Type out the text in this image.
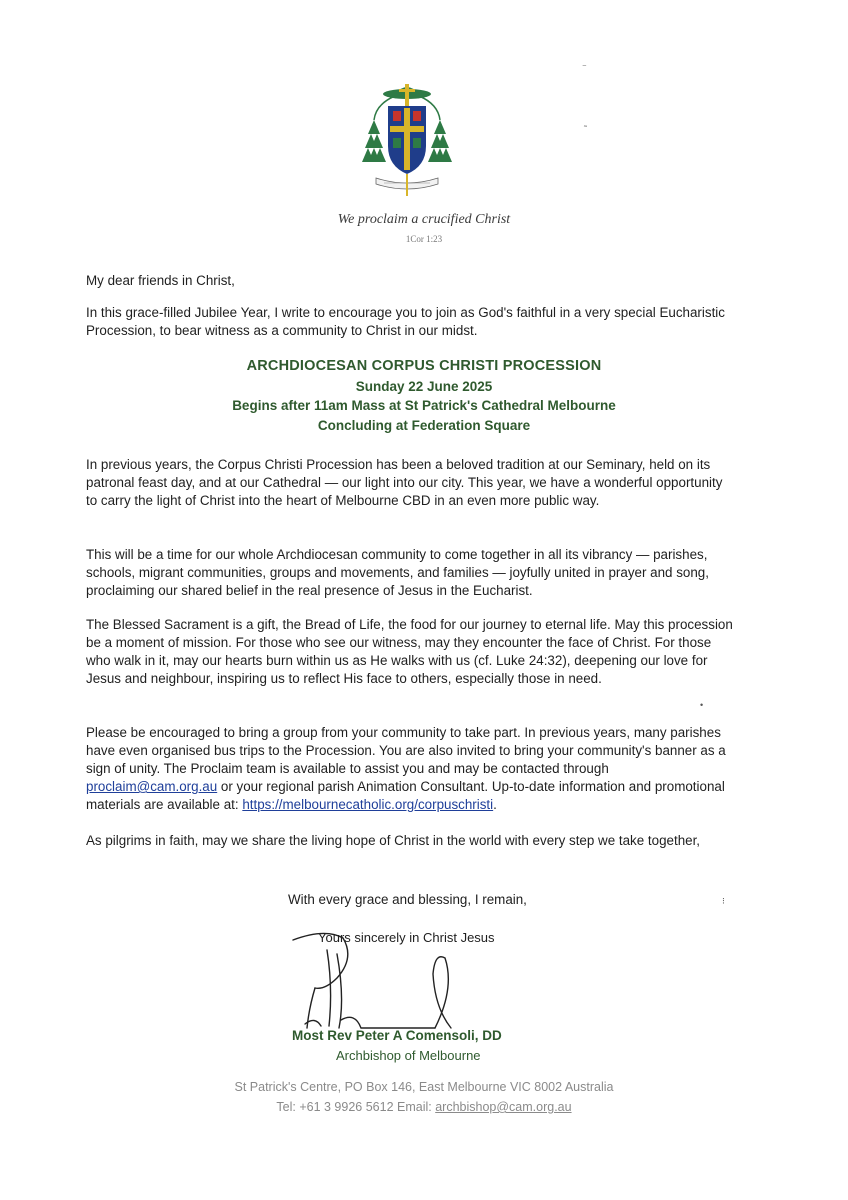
We proclaim a crucified Christ
1Cor 1:23

My dear friends in Christ,

In this grace-filled Jubilee Year, I write to encourage you to join as God's faithful in a very special Eucharistic Procession, to bear witness as a community to Christ in our midst.

ARCHDIOCESAN CORPUS CHRISTI PROCESSION
Sunday 22 June 2025
Begins after 11am Mass at St Patrick's Cathedral Melbourne
Concluding at Federation Square

In previous years, the Corpus Christi Procession has been a beloved tradition at our Seminary, held on its patronal feast day, and at our Cathedral — our light into our city. This year, we have a wonderful opportunity to carry the light of Christ into the heart of Melbourne CBD in an even more public way.

This will be a time for our whole Archdiocesan community to come together in all its vibrancy — parishes, schools, migrant communities, groups and movements, and families — joyfully united in prayer and song, proclaiming our shared belief in the real presence of Jesus in the Eucharist.

The Blessed Sacrament is a gift, the Bread of Life, the food for our journey to eternal life. May this procession be a moment of mission. For those who see our witness, may they encounter the face of Christ. For those who walk in it, may our hearts burn within us as He walks with us (cf. Luke 24:32), deepening our love for Jesus and neighbour, inspiring us to reflect His face to others, especially those in need.

Please be encouraged to bring a group from your community to take part. In previous years, many parishes have even organised bus trips to the Procession. You are also invited to bring your community's banner as a sign of unity. The Proclaim team is available to assist you and may be contacted through proclaim@cam.org.au or your regional parish Animation Consultant. Up-to-date information and promotional materials are available at: https://melbournecatholic.org/corpuschristi.

As pilgrims in faith, may we share the living hope of Christ in the world with every step we take together,

With every grace and blessing, I remain,
Yours sincerely in Christ Jesus
Most Rev Peter A Comensoli, DD
Archbishop of Melbourne
St Patrick's Centre, PO Box 146, East Melbourne VIC 8002 Australia
Tel: +61 3 9926 5612 Email: archbishop@cam.org.au
⁻
˜
⁝
•
